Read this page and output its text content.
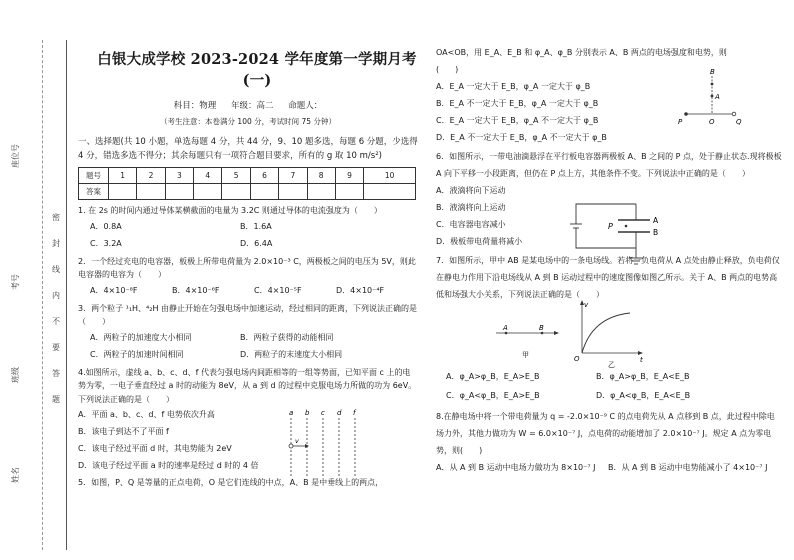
座位号
考号
班级
姓名
密
封
线
内
不
要
答
题
白银大成学校 2023-2024 学年度第一学期月考(一)
科目：物理 年级：高二 命题人：
（考生注意：本卷满分 100 分，考试时间 75 分钟）
一、选择题(共 10 小题，单选每题 4 分，共 44 分，9、10 题多选，每题 6 分题，少选得 4 分，错选多选不得分；其余每题只有一项符合题目要求，所有的 g 取 10 m/s²)
题号	1	2	3	4	5	6	7	8	9	10
答案										
1. 在 2s 的时间内通过导体某横截面的电量为 3.2C 则通过导体的电流强度为（　　）
A．0.8A	B．1.6A
C．3.2A	D．6.4A
2．一个经过充电的电容器，板极上所带电荷量为 2.0×10⁻³ C，两极板之间的电压为 5V，则此电容器的电容为（　　）
A．4×10⁻⁸F	B．4×10⁻⁶F	C．4×10⁻⁵F	D．4×10⁻⁴F
3．两个粒子 ¹₁H、⁴₂H 由静止开始在匀强电场中加速运动，经过相同的距离，下列说法正确的是（　　）
A．两粒子的加速度大小相同	B．两粒子获得的动能相同
C．两粒子的加速时间相同	D．两粒子的末速度大小相同
4.如图所示，虚线 a、b、c、d、f 代表匀强电场内间距相等的一组等势面，已知平面 c 上的电势为零，一电子垂直经过 a 时的动能为 8eV，从 a 到 d 的过程中克服电场力所做的功为 6eV。下列说法正确的是（　　）
A．平面 a、b、c、d、f 电势依次升高
B．该电子到达不了平面 f
C．该电子经过平面 d 时，其电势能为 2eV
D．该电子经过平面 a 时的速率是经过 d 时的 4 倍
a b c d f
v
5．如图，P、Q 是等量的正点电荷，O 是它们连线的中点，A、B 是中垂线上的两点，
OA<OB，用 E_A、E_B 和 φ_A、φ_B 分别表示 A、B 两点的电场强度和电势，则(　　)
A．E_A 一定大于 E_B，φ_A 一定大于 φ_B
B．E_A 不一定大于 E_B，φ_A 一定大于 φ_B
C．E_A 一定大于 E_B，φ_A 不一定大于 φ_B
D．E_A 不一定大于 E_B，φ_A 不一定大于 φ_B
B
A
P	O	Q
6．如图所示，一带电油滴悬浮在平行板电容器两极板 A、B 之间的 P 点，处于静止状态.现将极板 A 向下平移一小段距离，但仍在 P 点上方，其他条件不变。下列说法中正确的是（　　）
A．液滴将向下运动
B．液滴将向上运动
C．电容器电容减小
D．极板带电荷量将减小
P
A
B
7．如图所示，甲中 AB 是某电场中的一条电场线。若将一负电荷从 A 点处由静止释放，负电荷仅在静电力作用下沿电场线从 A 到 B 运动过程中的速度图像如图乙所示。关于 A、B 两点的电势高低和场强大小关系，下列说法正确的是（　　）
A	B
甲
v
O	t
乙
A．φ_A>φ_B，E_A>E_B	B．φ_A>φ_B，E_A<E_B
C．φ_A<φ_B，E_A>E_B	D．φ_A<φ_B，E_A<E_B
8.在静电场中将一个带电荷量为 q = -2.0×10⁻⁹ C 的点电荷先从 A 点移到 B 点，此过程中除电场力外，其他力做功为 W = 6.0×10⁻⁷ J，点电荷的动能增加了 2.0×10⁻⁷ J。规定 A 点为零电势，则(　　)
A．从 A 到 B 运动中电场力做功为 8×10⁻⁷ J	B．从 A 到 B 运动中电势能减小了 4×10⁻⁷ J
